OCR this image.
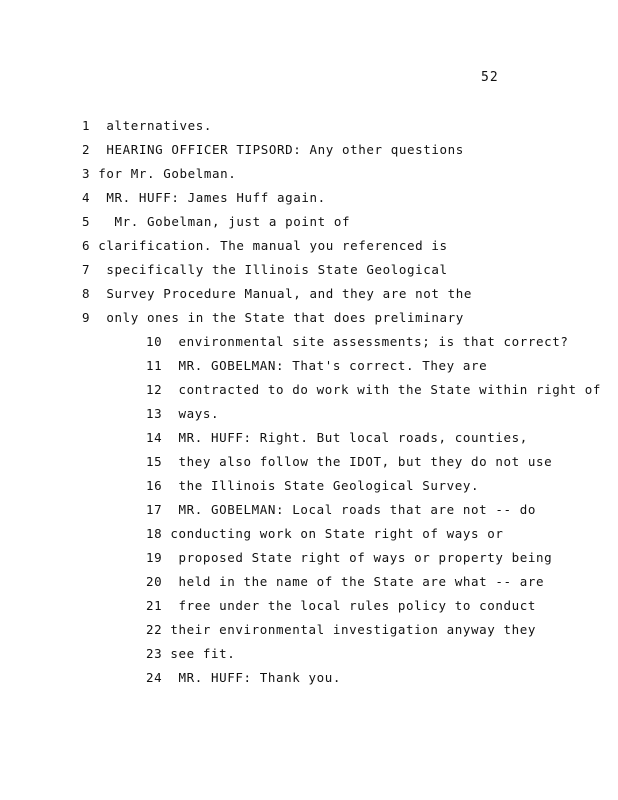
52
1  alternatives.
2  HEARING OFFICER TIPSORD: Any other questions
3 for Mr. Gobelman.
4  MR. HUFF: James Huff again.
5   Mr. Gobelman, just a point of
6 clarification. The manual you referenced is
7  specifically the Illinois State Geological
8  Survey Procedure Manual, and they are not the
9  only ones in the State that does preliminary
10  environmental site assessments; is that correct?
11  MR. GOBELMAN: That's correct. They are
12  contracted to do work with the State within right of
13  ways.
14  MR. HUFF: Right. But local roads, counties,
15  they also follow the IDOT, but they do not use
16  the Illinois State Geological Survey.
17  MR. GOBELMAN: Local roads that are not -- do
18 conducting work on State right of ways or
19  proposed State right of ways or property being
20  held in the name of the State are what -- are
21  free under the local rules policy to conduct
22 their environmental investigation anyway they
23 see fit.
24  MR. HUFF: Thank you.
